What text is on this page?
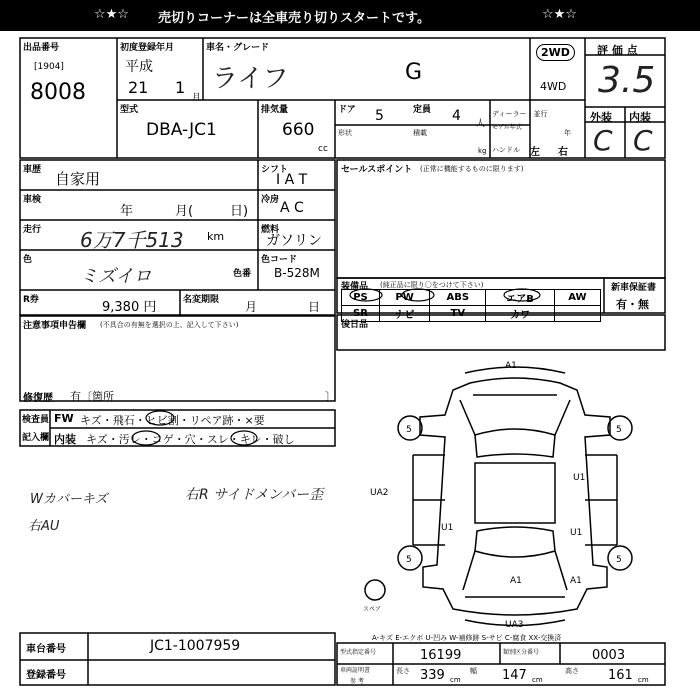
☆★☆ 売切りコーナーは全車売り切りスタートです。	☆★☆
出品番号
[1904]
8008
初度登録年月
平成
21 1
月
車名・グレード
ライフ	G
2WD
4WD
評 価 点
3.5
外装 内装
C C
型式
DBA-JC1
排気量
660
cc
ドア 5	定員 4 人
形状	積載
kg
ディーラー・並行
モデル年式
年
ハンドル 左 右
車歴 自家用	シフト
I A T
車検
年	月(	日)
冷房 A C
走行 6万7千513 km	燃料
ガソリン
色
ミズイロ	色番
色コード
B-528M
R券	9,380 円	名変期限 月	日
注意事項申告欄 (不具合の有無を選択の上、記入して下さい)
修復歴 有〔箇所	〕
セールスポイント (正常に機能するものに限ります)
装備品 (純正品に限り〇をつけて下さい)
PS	PW	ABS	エアB	AW
SR	ナビ	TV	カワ	
新車保証書
有・無
後日品
検査員
記入欄
FW キズ・飛石・ヒビ割・リペア跡・×要
内装 キズ・汚レ・コゲ・穴・スレ・キレ・破し
Wカバーキズ
右AU
右R サイドメンバー歪
A1
UA2
U1
U1	U1
A1	A1
UA3
5	5
5	5
スペア
A-キズ E-エクボ U-凹み W-補修跡 S-サビ C-腐食 XX-交換済
型式指定番号	16199	類別区分番号	0003
車両証明書
参 考
長さ 339 cm
幅 147 cm
高さ 161 cm
車台番号	JC1-1007959
登録番号
